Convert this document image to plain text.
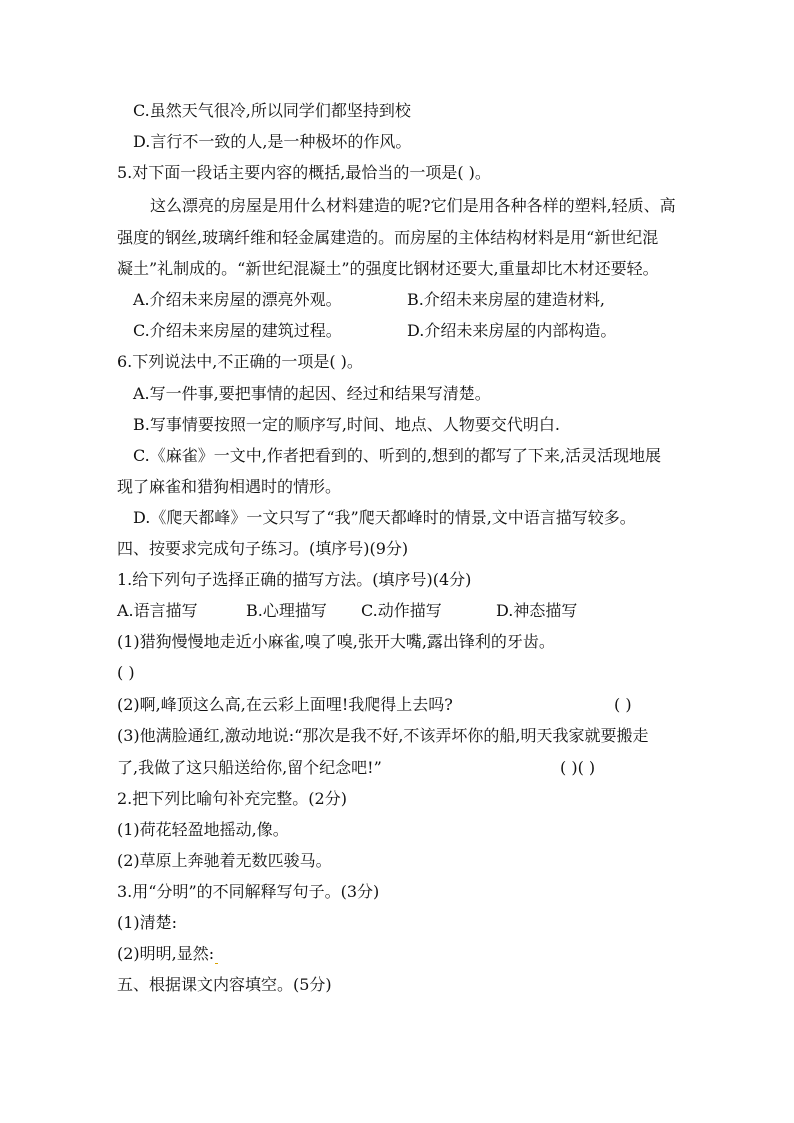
C.虽然天气很冷,所以同学们都坚持到校
D.言行不一致的人,是一种极坏的作风。
5.对下面一段话主要内容的概括,最恰当的一项是( )。
这么漂亮的房屋是用什么材料建造的呢?它们是用各种各样的塑料,轻质、高
强度的钢丝,玻璃纤维和轻金属建造的。而房屋的主体结构材料是用“新世纪混
凝土”礼制成的。“新世纪混凝土”的强度比钢材还要大,重量却比木材还要轻。
A.介绍未来房屋的漂亮外观。	B.介绍未来房屋的建造材料,
C.介绍未来房屋的建筑过程。	D.介绍未来房屋的内部构造。
6.下列说法中,不正确的一项是( )。
A.写一件事,要把事情的起因、经过和结果写清楚。
B.写事情要按照一定的顺序写,时间、地点、人物要交代明白.
C.《麻雀》一文中,作者把看到的、听到的,想到的都写了下来,活灵活现地展
现了麻雀和猎狗相遇时的情形。
D.《爬天都峰》一文只写了“我”爬天都峰时的情景,文中语言描写较多。
四、按要求完成句子练习。(填序号)(9分)
1.给下列句子选择正确的描写方法。(填序号)(4分)
A.语言描写	B.心理描写 C.动作描写	D.神态描写
(1)猎狗慢慢地走近小麻雀,嗅了嗅,张开大嘴,露出锋利的牙齿。
( )
(2)啊,峰顶这么高,在云彩上面哩!我爬得上去吗?	( )
(3)他满脸通红,激动地说:“那次是我不好,不该弄坏你的船,明天我家就要搬走
了,我做了这只船送给你,留个纪念吧!”	( )( )
2.把下列比喻句补充完整。(2分)
(1)荷花轻盈地摇动,像。
(2)草原上奔驰着无数匹骏马。
3.用“分明”的不同解释写句子。(3分)
(1)清楚:
(2)明明,显然:
五、根据课文内容填空。(5分)
